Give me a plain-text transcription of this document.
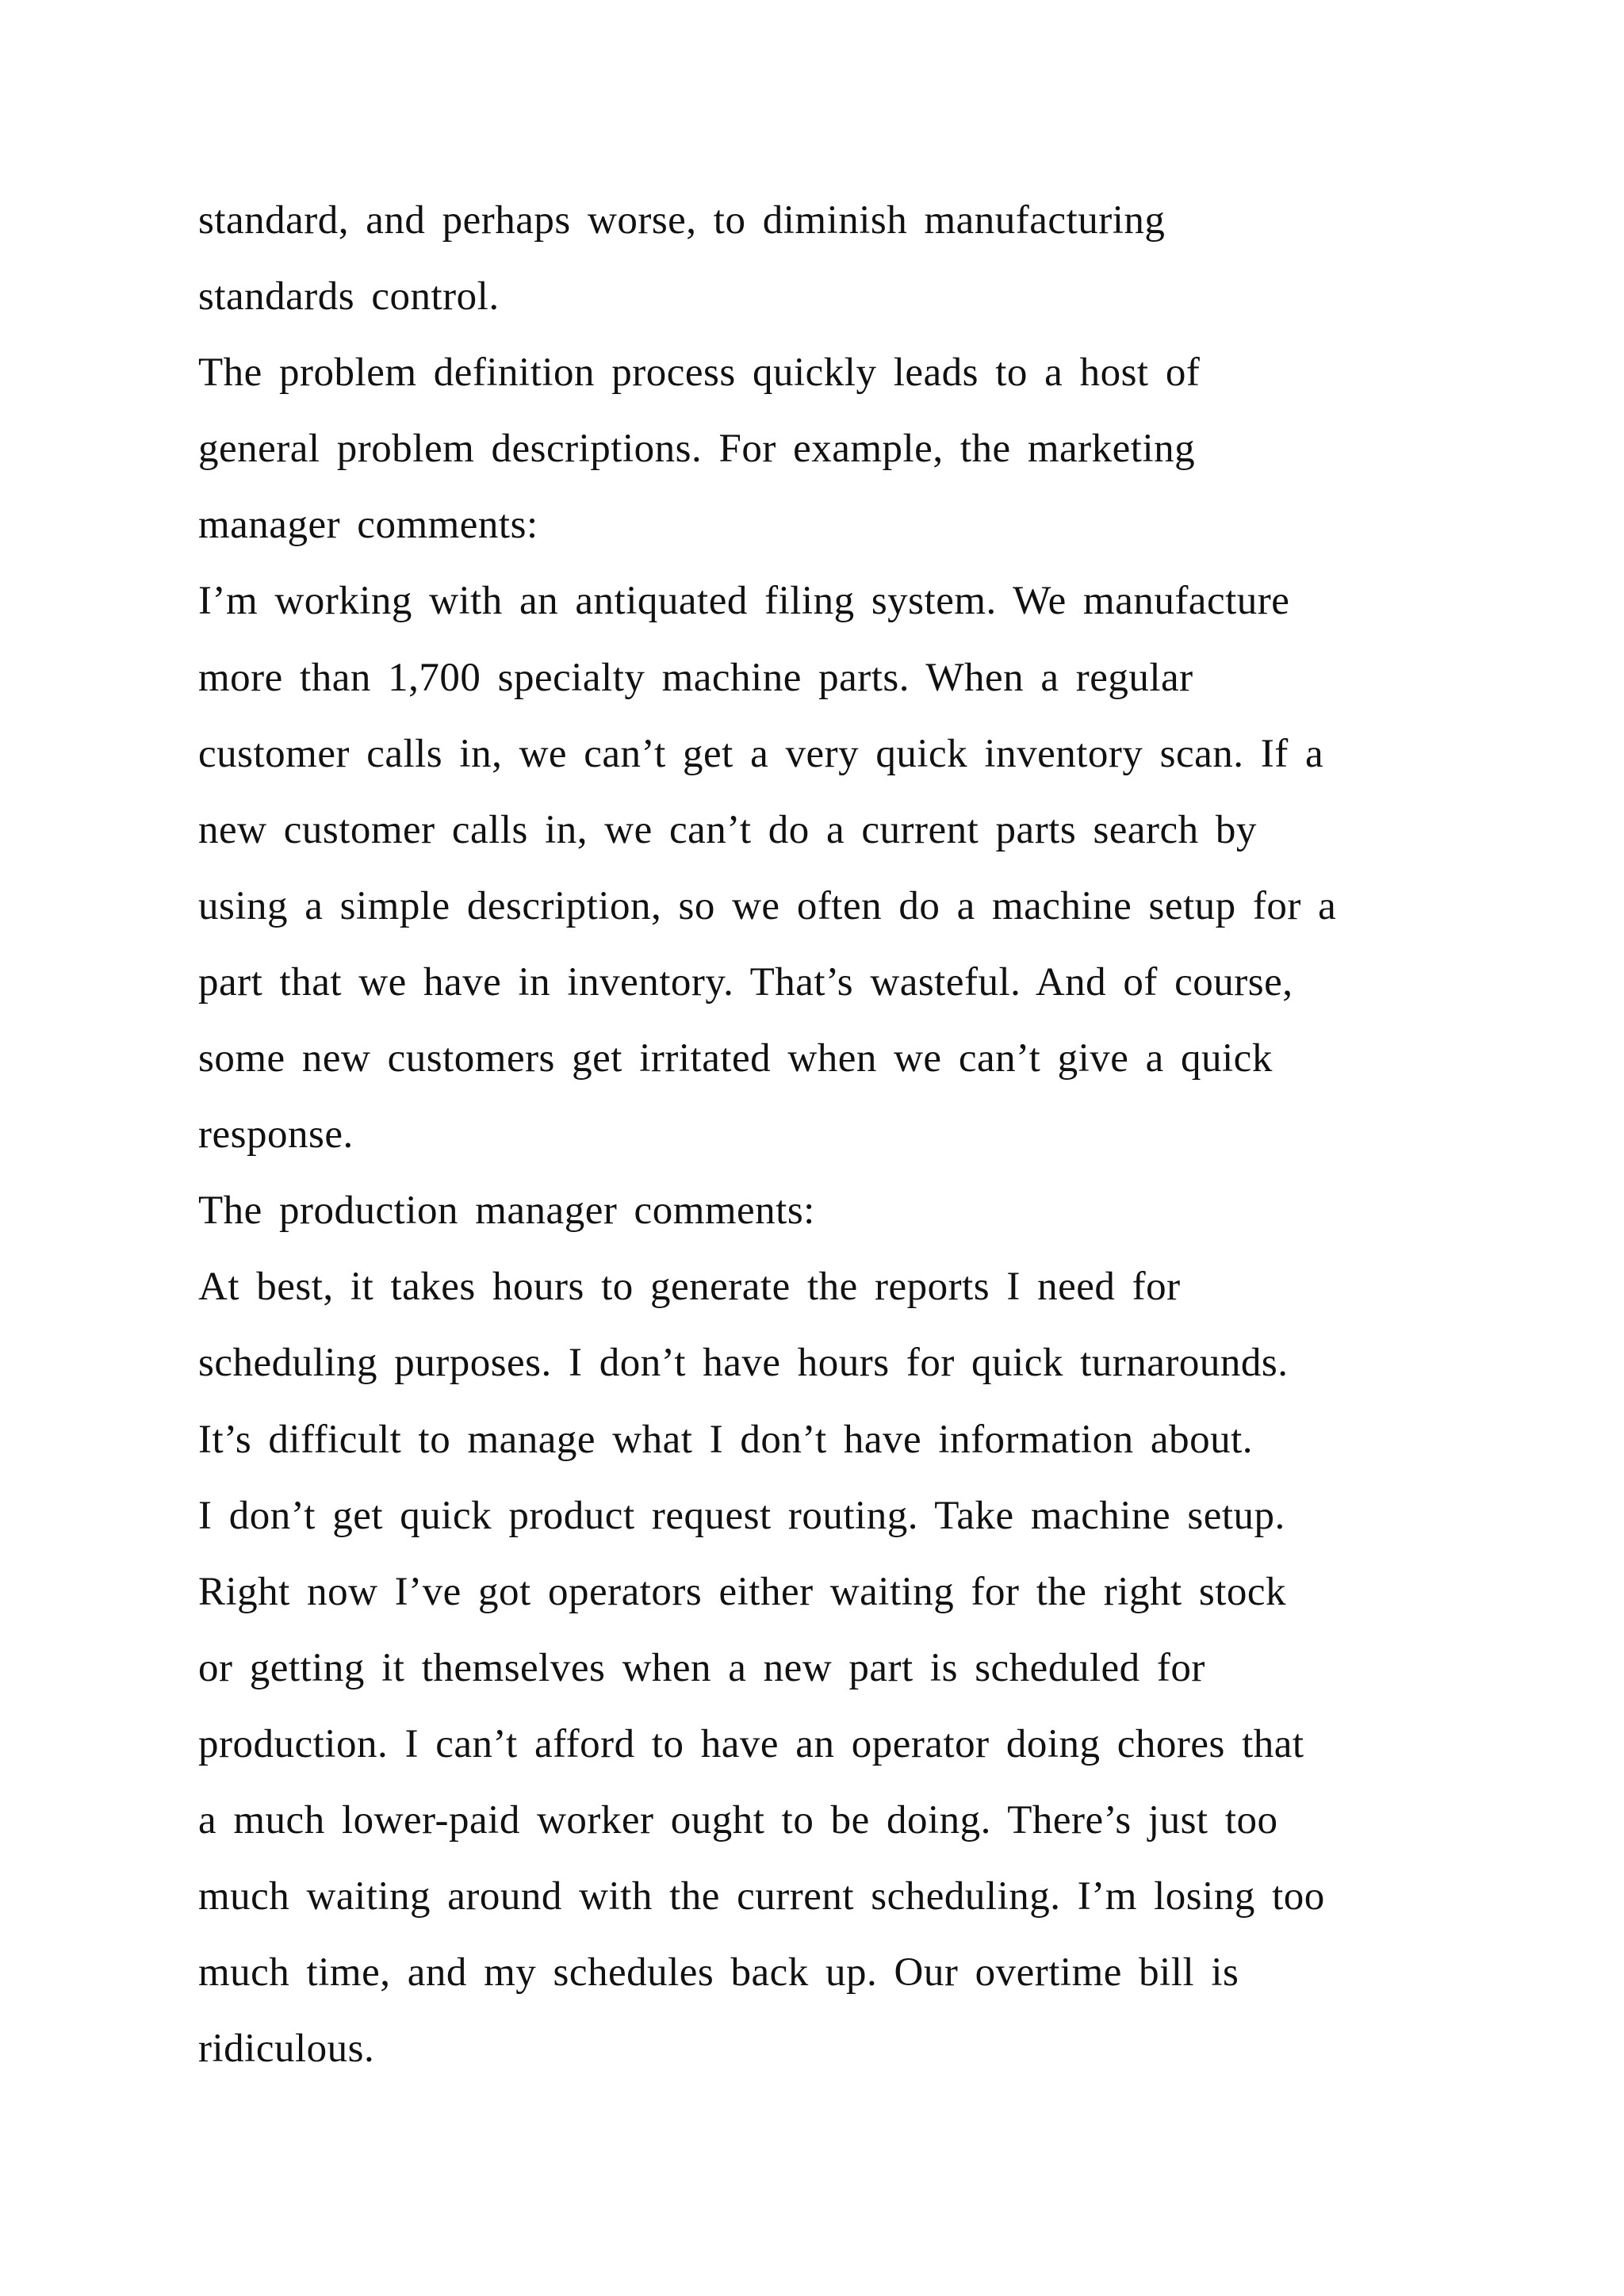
standard, and perhaps worse, to diminish manufacturing
standards control.
The problem definition process quickly leads to a host of
general problem descriptions. For example, the marketing
manager comments:
I’m working with an antiquated filing system. We manufacture
more than 1,700 specialty machine parts. When a regular
customer calls in, we can’t get a very quick inventory scan. If a
new customer calls in, we can’t do a current parts search by
using a simple description, so we often do a machine setup for a
part that we have in inventory. That’s wasteful. And of course,
some new customers get irritated when we can’t give a quick
response.
The production manager comments:
At best, it takes hours to generate the reports I need for
scheduling purposes. I don’t have hours for quick turnarounds.
It’s difficult to manage what I don’t have information about.
I don’t get quick product request routing. Take machine setup.
Right now I’ve got operators either waiting for the right stock
or getting it themselves when a new part is scheduled for
production. I can’t afford to have an operator doing chores that
a much lower-paid worker ought to be doing. There’s just too
much waiting around with the current scheduling. I’m losing too
much time, and my schedules back up. Our overtime bill is
ridiculous.
